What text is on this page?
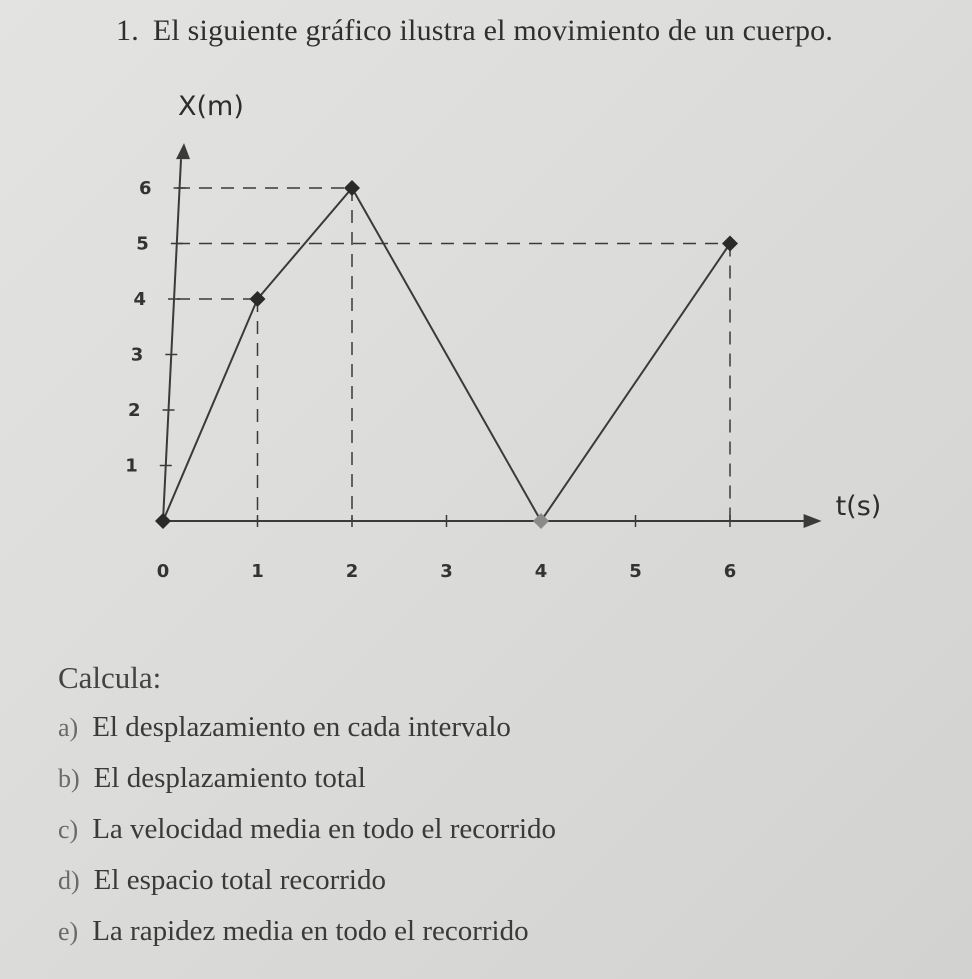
1. El siguiente gráfico ilustra el movimiento de un cuerpo.
1
2
3
4
5
6
0	1	2	3	4	5	6
X(m)
t(s)
Calcula:
a) El desplazamiento en cada intervalo
b) El desplazamiento total
c) La velocidad media en todo el recorrido
d) El espacio total recorrido
e) La rapidez media en todo el recorrido
